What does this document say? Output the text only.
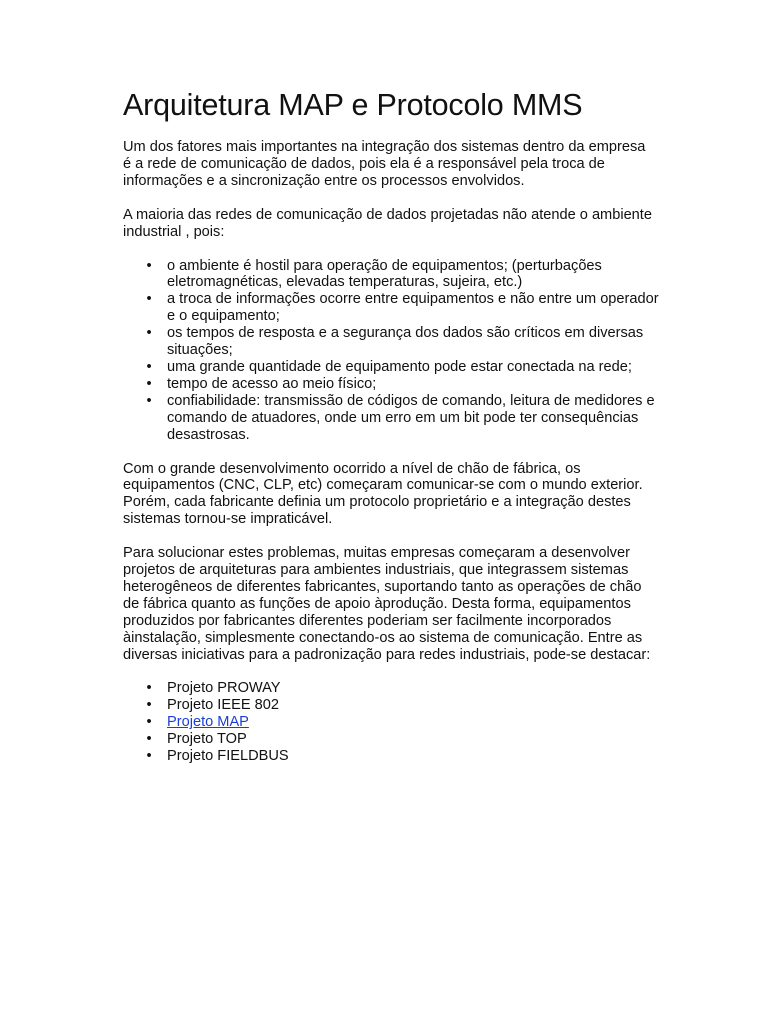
Arquitetura MAP e Protocolo MMS

Um dos fatores mais importantes na integração dos sistemas dentro da empresa é a rede de comunicação de dados, pois ela é a responsável pela troca de informações e a sincronização entre os processos envolvidos.

A maioria das redes de comunicação de dados projetadas não atende o ambiente industrial , pois:

• o ambiente é hostil para operação de equipamentos; (perturbações eletromagnéticas, elevadas temperaturas, sujeira, etc.)
• a troca de informações ocorre entre equipamentos e não entre um operador e o equipamento;
• os tempos de resposta e a segurança dos dados são críticos em diversas situações;
• uma grande quantidade de equipamento pode estar conectada na rede;
• tempo de acesso ao meio físico;
• confiabilidade: transmissão de códigos de comando, leitura de medidores e comando de atuadores, onde um erro em um bit pode ter consequências desastrosas.

Com o grande desenvolvimento ocorrido a nível de chão de fábrica, os equipamentos (CNC, CLP, etc) começaram comunicar-se com o mundo exterior. Porém, cada fabricante definia um protocolo proprietário e a integração destes sistemas tornou-se impraticável.

Para solucionar estes problemas, muitas empresas começaram a desenvolver projetos de arquiteturas para ambientes industriais, que integrassem sistemas heterogêneos de diferentes fabricantes, suportando tanto as operações de chão de fábrica quanto as funções de apoio àprodução. Desta forma, equipamentos produzidos por fabricantes diferentes poderiam ser facilmente incorporados àinstalação, simplesmente conectando-os ao sistema de comunicação. Entre as diversas iniciativas para a padronização para redes industriais, pode-se destacar:

• Projeto PROWAY
• Projeto IEEE 802
• Projeto MAP
• Projeto TOP
• Projeto FIELDBUS
